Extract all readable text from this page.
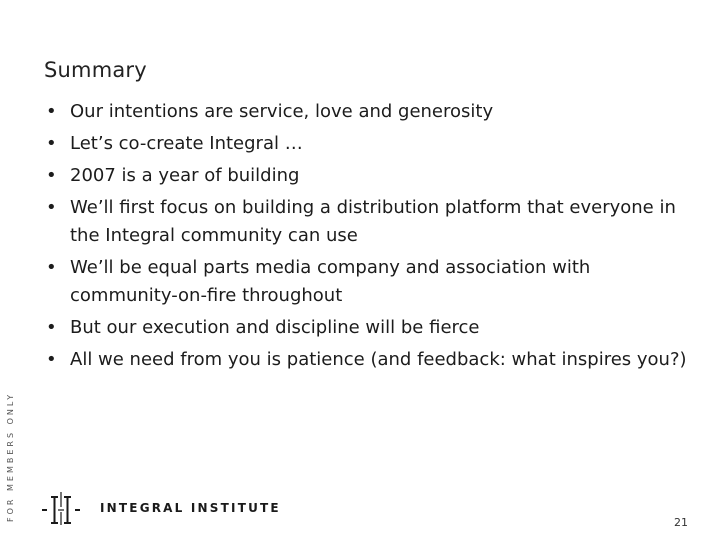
Summary
• Our intentions are service, love and generosity
• Let’s co-create Integral …
• 2007 is a year of building
• We’ll first focus on building a distribution platform that everyone in the Integral community can use
• We’ll be equal parts media company and association with community-on-fire throughout
• But our execution and discipline will be fierce
• All we need from you is patience (and feedback: what inspires you?)
FOR MEMBERS ONLY	INTEGRAL INSTITUTE
21
